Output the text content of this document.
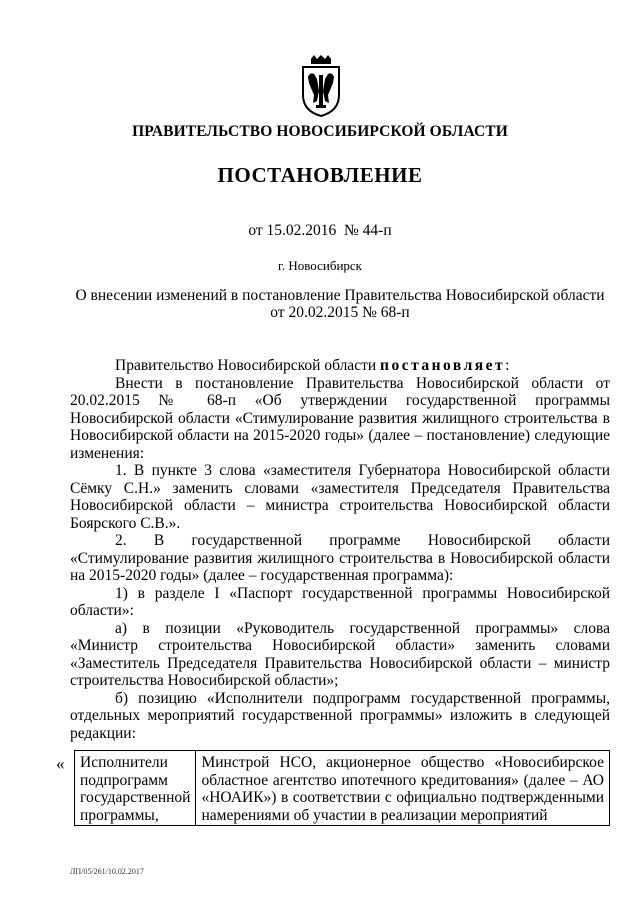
ПРАВИТЕЛЬСТВО НОВОСИБИРСКОЙ ОБЛАСТИ
ПОСТАНОВЛЕНИЕ
от 15.02.2016  № 44-п
г. Новосибирск
О внесении изменений в постановление Правительства Новосибирской области
от 20.02.2015 № 68-п

Правительство Новосибирской области постановляет:

Внести в постановление Правительства Новосибирской области от 20.02.2015 № 68-п «Об утверждении государственной программы Новосибирской области «Стимулирование развития жилищного строительства в Новосибирской области на 2015-2020 годы» (далее – постановление) следующие изменения:

1. В пункте 3 слова «заместителя Губернатора Новосибирской области Сёмку С.Н.» заменить словами «заместителя Председателя Правительства Новосибирской области – министра строительства Новосибирской области Боярского С.В.».

2. В государственной программе Новосибирской области «Стимулирование развития жилищного строительства в Новосибирской области на 2015-2020 годы» (далее – государственная программа):

1) в разделе I «Паспорт государственной программы Новосибирской области»:

а) в позиции «Руководитель государственной программы» слова «Министр строительства Новосибирской области» заменить словами «Заместитель Председателя Правительства Новосибирской области – министр строительства Новосибирской области»;

б) позицию «Исполнители подпрограмм государственной программы, отдельных мероприятий государственной программы» изложить в следующей редакции:

« Исполнители подпрограмм государственной программы,	Минстрой НСО, акционерное общество «Новосибирское областное агентство ипотечного кредитования» (далее – АО «НОАИК») в соответствии с официально подтвержденными намерениями об участии в реализации мероприятий
ЛП/05/261/10.02.2017
